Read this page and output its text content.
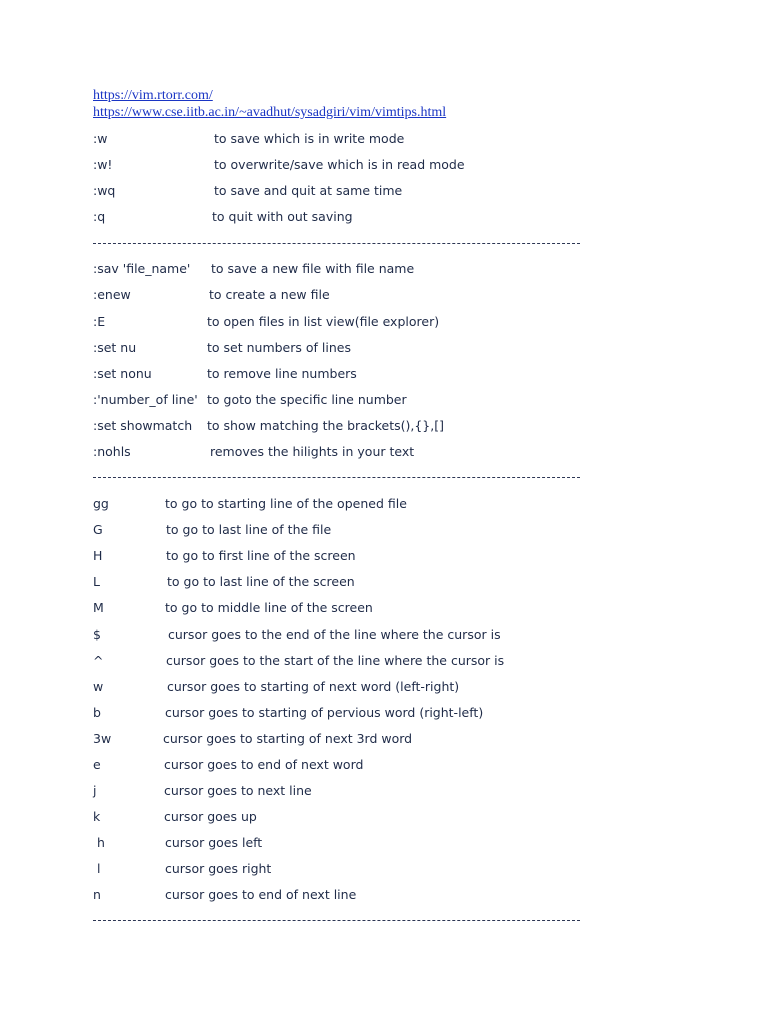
https://vim.rtorr.com/
https://www.cse.iitb.ac.in/~avadhut/sysadgiri/vim/vimtips.html
:w	to save which is in write mode
:w!	to overwrite/save which is in read mode
:wq	to save and quit at same time
:q	to quit with out saving
:sav 'file_name' to save a new file with file name
:enew	to create a new file
:E	to open files in list view(file explorer)
:set nu	to set numbers of lines
:set nonu	to remove line numbers
:'number_of line' to goto the specific line number
:set showmatch to show matching the brackets(),{},[]
:nohls	removes the hilights in your text
gg	to go to starting line of the opened file
G	to go to last line of the file
H	to go to first line of the screen
L	to go to last line of the screen
M	to go to middle line of the screen
$	cursor goes to the end of the line where the cursor is
^	cursor goes to the start of the line where the cursor is
w	cursor goes to starting of next word (left-right)
b	cursor goes to starting of pervious word (right-left)
3w	cursor goes to starting of next 3rd word
e	cursor goes to end of next word
j	cursor goes to next line
k	cursor goes up
h	cursor goes left
l	cursor goes right
n	cursor goes to end of next line
